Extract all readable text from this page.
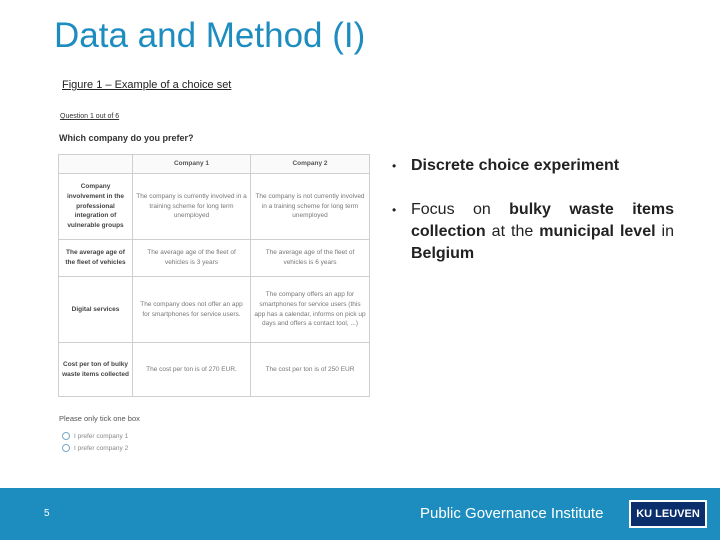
Data and Method (I)
Figure 1 – Example of a choice set
Question 1 out of 6
Which company do you prefer?
	Company 1	Company 2
Company involvement in the professional integration of vulnerable groups	The company is currently involved in a training scheme for long term unemployed	The company is not currently involved in a training scheme for long term unemployed
The average age of the fleet of vehicles	The average age of the fleet of vehicles is 3 years	The average age of the fleet of vehicles is 6 years
Digital services	The company does not offer an app for smartphones for service users.	The company offers an app for smartphones for service users (this app has a calendar, informs on pick up days and offers a contact tool, ...)
Cost per ton of bulky waste items collected	The cost per ton is of 270 EUR.	The cost per ton is of 250 EUR
Please only tick one box
I prefer company 1
I prefer company 2
• Discrete choice experiment
• Focus on bulky waste items collection at the municipal level in Belgium
5	Public Governance Institute	KU LEUVEN
